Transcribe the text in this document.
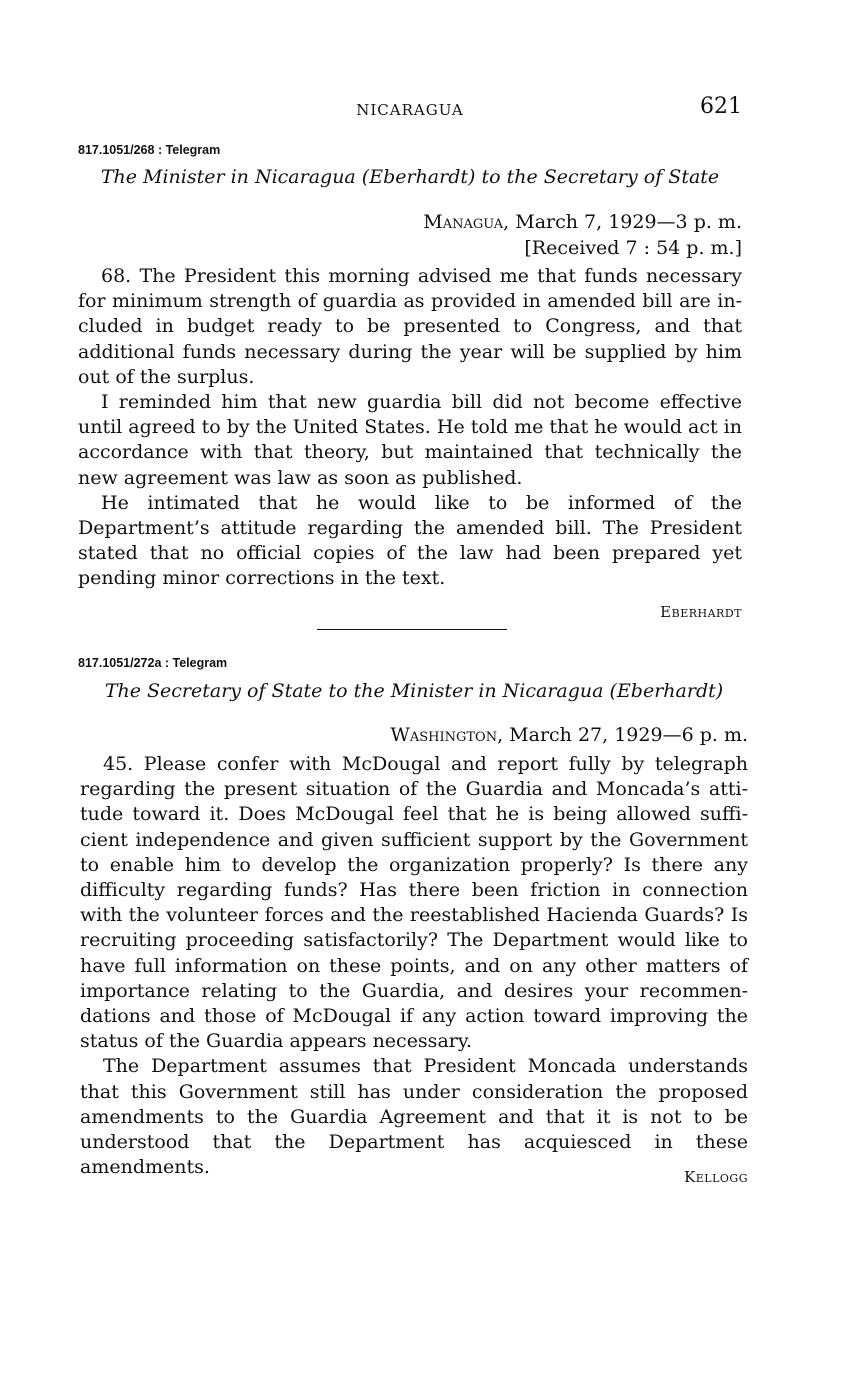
NICARAGUA	621
817.1051/268 : Telegram
The Minister in Nicaragua (Eberhardt) to the Secretary of State
Managua, March 7, 1929—3 p. m.
[Received 7 : 54 p. m.]

68. The President this morning advised me that funds necessary for minimum strength of guardia as provided in amended bill are included in budget ready to be presented to Congress, and that additional funds necessary during the year will be supplied by him out of the surplus.

I reminded him that new guardia bill did not become effective until agreed to by the United States. He told me that he would act in accordance with that theory, but maintained that technically the new agreement was law as soon as published.

He intimated that he would like to be informed of the Department’s attitude regarding the amended bill. The President stated that no official copies of the law had been prepared yet pending minor corrections in the text.

Eberhardt
817.1051/272a : Telegram
The Secretary of State to the Minister in Nicaragua (Eberhardt)
Washington, March 27, 1929—6 p. m.

45. Please confer with McDougal and report fully by telegraph regarding the present situation of the Guardia and Moncada’s attitude toward it. Does McDougal feel that he is being allowed sufficient independence and given sufficient support by the Government to enable him to develop the organization properly? Is there any difficulty regarding funds? Has there been friction in connection with the volunteer forces and the reestablished Hacienda Guards? Is recruiting proceeding satisfactorily? The Department would like to have full information on these points, and on any other matters of importance relating to the Guardia, and desires your recommendations and those of McDougal if any action toward improving the status of the Guardia appears necessary.

The Department assumes that President Moncada understands that this Government still has under consideration the proposed amendments to the Guardia Agreement and that it is not to be understood that the Department has acquiesced in these amendments.	Kellogg
